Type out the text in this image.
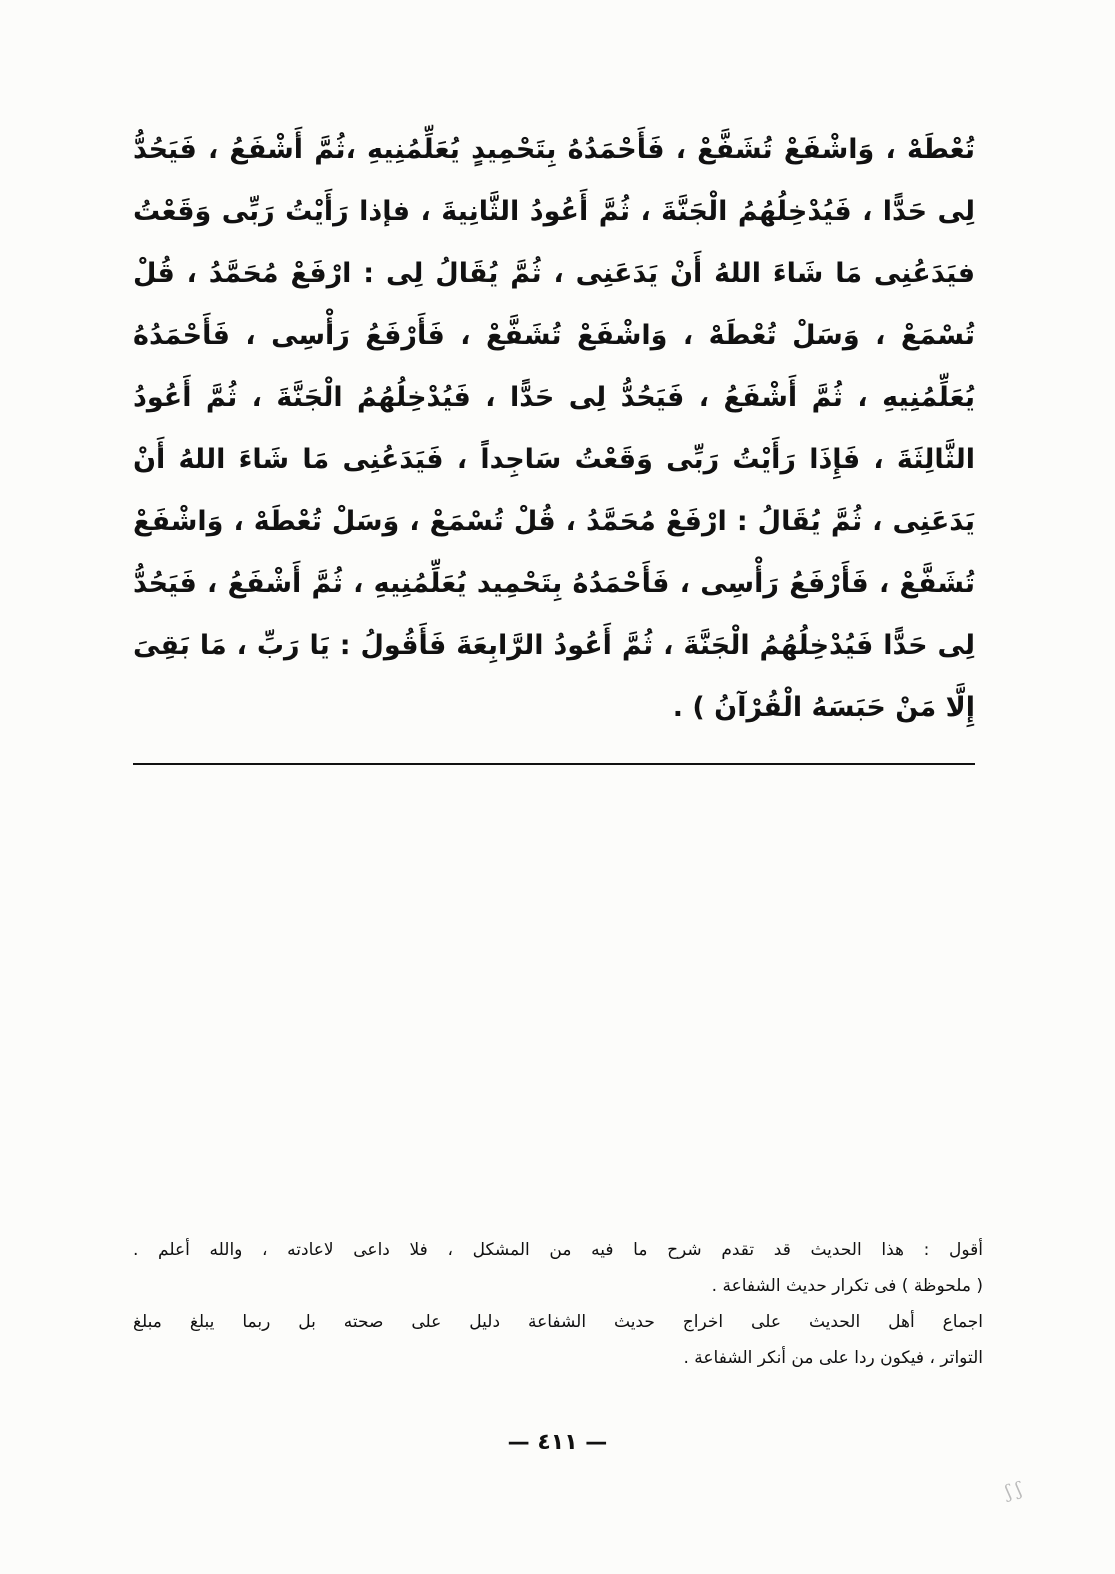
تُعْطَهْ ، وَاشْفَعْ تُشَفَّعْ ، فَأَحْمَدُهُ بِتَحْمِيدٍ يُعَلِّمُنِيهِ ،ثُمَّ أَشْفَعُ ، فَيَحُدُّ
لِى حَدًّا ، فَيُدْخِلُهُمُ الْجَنَّةَ ، ثُمَّ أَعُودُ الثَّانِيةَ ، فإذا رَأَيْتُ رَبِّى وَقَعْتُ
فيَدَعُنِى مَا شَاءَ اللهُ أَنْ يَدَعَنِى ، ثُمَّ يُقَالُ لِى : ارْفَعْ مُحَمَّدُ ، قُلْ
تُسْمَعْ ، وَسَلْ تُعْطَهْ ، وَاشْفَعْ تُشَفَّعْ ، فَأَرْفَعُ رَأْسِى ، فَأَحْمَدُهُ
يُعَلِّمُنِيهِ ، ثُمَّ أَشْفَعُ ، فَيَحُدُّ لِى حَدًّا ، فَيُدْخِلُهُمُ الْجَنَّةَ ، ثُمَّ أَعُودُ
الثَّالِثَةَ ، فَإِذَا رَأَيْتُ رَبِّى وَقَعْتُ سَاجِداً ، فَيَدَعُنِى مَا شَاءَ اللهُ أَنْ
يَدَعَنِى ، ثُمَّ يُقَالُ : ارْفَعْ مُحَمَّدُ ، قُلْ تُسْمَعْ ، وَسَلْ تُعْطَهْ ، وَاشْفَعْ
تُشَفَّعْ ، فَأَرْفَعُ رَأْسِى ، فَأَحْمَدُهُ بِتَحْمِيد يُعَلِّمُنِيهِ ، ثُمَّ أَشْفَعُ ، فَيَحُدُّ
لِى حَدًّا فَيُدْخِلُهُمُ الْجَنَّةَ ، ثُمَّ أَعُودُ الرَّابِعَةَ فَأَقُولُ : يَا رَبِّ ، مَا بَقِىَ
إِلَّا مَنْ حَبَسَهُ الْقُرْآنُ ) .
أقول : هذا الحديث قد تقدم شرح ما فيه من المشكل ، فلا داعى لاعادته ، والله أعلم .
( ملحوظة ) فى تكرار حديث الشفاعة .
اجماع أهل الحديث على اخراج حديث الشفاعة دليل على صحته بل ربما يبلغ مبلغ
التواتر ، فيكون ردا على من أنكر الشفاعة .
— ٤١١ —
ʃ ʃ
